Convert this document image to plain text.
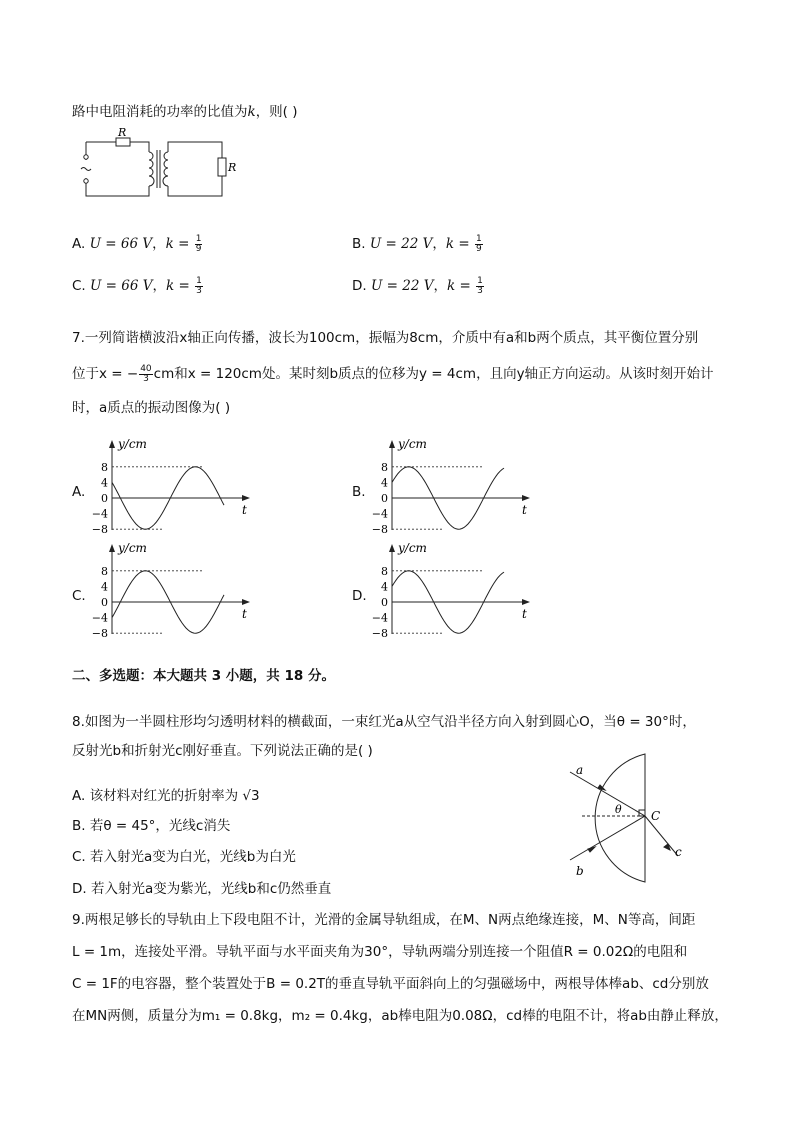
路中电阻消耗的功率的比值为k，则( )
R
R
A. U = 66 V，$k = \frac{1}{9}$	B. U = 22 V，$k = \frac{1}{9}$
C. U = 66 V，$k = \frac{1}{3}$	D. U = 22 V，$k = \frac{1}{3}$
7.一列简谐横波沿x轴正向传播，波长为100cm，振幅为8cm，介质中有a和b两个质点，其平衡位置分别
位于x = − $\frac{40}{3}$ cm和x = 120cm处。某时刻b质点的位移为y = 4cm，且向y轴正方向运动。从该时刻开始计
时，a质点的振动图像为( )
A.
8
4
0
−4
−8
y/cm
t
B.
8
4
0
−4
−8
y/cm
t
C.
8
4
0
−4
−8
y/cm
t
D.
8
4
0
−4
−8
y/cm
t
二、多选题：本大题共 3 小题，共 18 分。
8.如图为一半圆柱形均匀透明材料的横截面，一束红光a从空气沿半径方向入射到圆心O，当θ = 30°时，
反射光b和折射光c刚好垂直。下列说法正确的是( )
A. 该材料对红光的折射率为 √3
B. 若θ = 45°，光线c消失
C. 若入射光a变为白光，光线b为白光
D. 若入射光a变为紫光，光线b和c仍然垂直
a
b
c
C
θ
9.两根足够长的导轨由上下段电阻不计，光滑的金属导轨组成，在M、N两点绝缘连接，M、N等高，间距
L = 1m，连接处平滑。导轨平面与水平面夹角为30°，导轨两端分别连接一个阻值R = 0.02Ω的电阻和
C = 1F的电容器，整个装置处于B = 0.2T的垂直导轨平面斜向上的匀强磁场中，两根导体棒ab、cd分别放
在MN两侧，质量分为m₁ = 0.8kg，m₂ = 0.4kg，ab棒电阻为0.08Ω，cd棒的电阻不计，将ab由静止释放，
